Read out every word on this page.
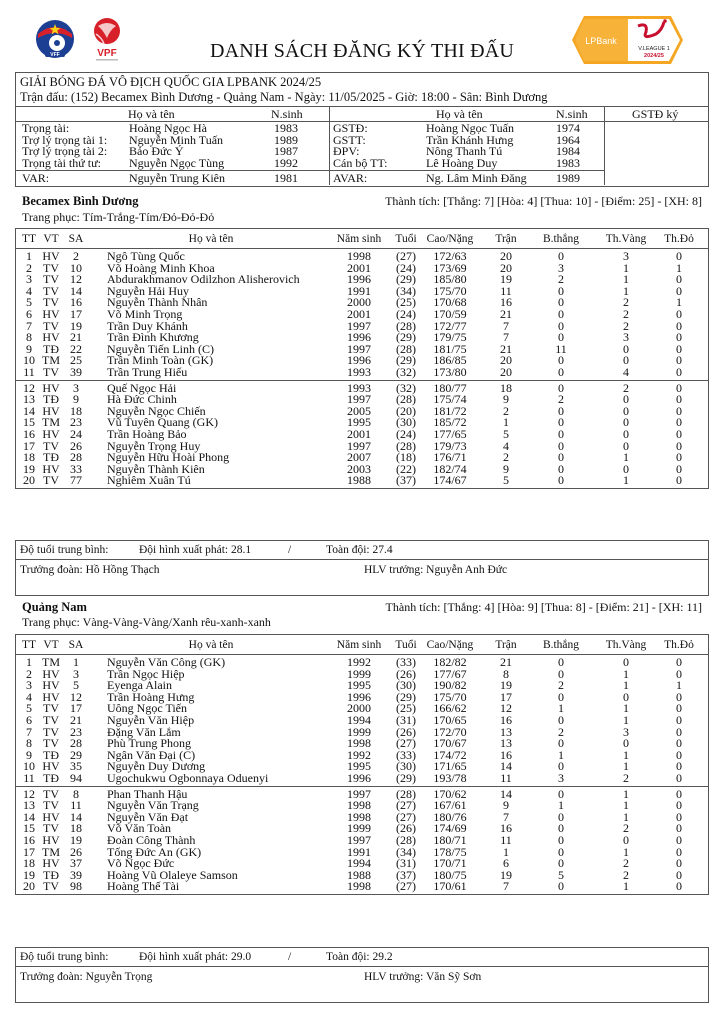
VFF	VPF
LPBank
V.LEAGUE 1
2024/25
DANH SÁCH ĐĂNG KÝ THI ĐẤU
GIẢI BÓNG ĐÁ VÔ ĐỊCH QUỐC GIA LPBANK 2024/25
Trận đấu: (152) Becamex Bình Dương - Quảng Nam - Ngày: 11/05/2025 - Giờ: 18:00 - Sân: Bình Dương
Họ và tên	N.sinh	Họ và tên	N.sinh	GSTĐ ký
Trọng tài:	Hoàng Ngọc Hà	1983
Trợ lý trọng tài 1: Nguyễn Minh Tuấn	1989
Trợ lý trọng tài 2: Bảo Đức Ý	1987
Trọng tài thứ tư: Nguyễn Ngọc Tùng	1992
VAR:	Nguyễn Trung Kiên	1981
GSTĐ:	Hoàng Ngọc Tuấn	1974
GSTT:	Trần Khánh Hưng	1964
ĐPV:	Nông Thanh Tú	1984
Cán bộ TT:	Lê Hoàng Duy	1983
AVAR:	Ng. Lâm Minh Đăng 1989
Becamex Bình Dương	Thành tích: [Thắng: 7] [Hòa: 4] [Thua: 10] - [Điểm: 25] - [XH: 8]
Trang phục: Tím-Trắng-Tím/Đỏ-Đỏ-Đỏ
TT VT SA	Họ và tên	Năm sinh	Tuổi Cao/Nặng	Trận	B.thắng	Th.Vàng	Th.Đỏ
1 HV	2	Ngô Tùng Quốc	1998	(27)	172/63	20	0	3	0
2 TV 10	Võ Hoàng Minh Khoa	2001	(24)	173/69	20	3	1	1
3 TV 12	Abdurakhmanov Odilzhon Alisherovich	1996	(29)	185/80	19	2	1	0
4 TV 14	Nguyễn Hải Huy	1991	(34)	175/70	11	0	1	0
5 TV 16	Nguyễn Thành Nhân	2000	(25)	170/68	16	0	2	1
6 HV 17	Võ Minh Trọng	2001	(24)	170/59	21	0	2	0
7 TV 19	Trần Duy Khánh	1997	(28)	172/77	7	0	2	0
8 HV 21	Trần Đình Khương	1996	(29)	179/75	7	0	3	0
9 TĐ 22	Nguyễn Tiến Linh (C)	1997	(28)	181/75	21	11	0	0
10 TM 25	Trần Minh Toàn (GK)	1996	(29)	186/85	20	0	0	0
11 TV 39	Trần Trung Hiếu	1993	(32)	173/80	20	0	4	0
12 HV	3	Quế Ngọc Hải	1993	(32)	180/77	18	0	2	0
13 TĐ	9	Hà Đức Chinh	1997	(28)	175/74	9	2	0	0
14 HV 18	Nguyễn Ngọc Chiến	2005	(20)	181/72	2	0	0	0
15 TM 23	Vũ Tuyên Quang (GK)	1995	(30)	185/72	1	0	0	0
16 HV 24	Trần Hoàng Bảo	2001	(24)	177/65	5	0	0	0
17 TV 26	Nguyễn Trọng Huy	1997	(28)	179/73	4	0	0	0
18 TĐ 28	Nguyễn Hữu Hoài Phong	2007	(18)	176/71	2	0	1	0
19 HV 33	Nguyễn Thành Kiên	2003	(22)	182/74	9	0	0	0
20 TV 77	Nghiêm Xuân Tú	1988	(37)	174/67	5	0	1	0
Độ tuổi trung bình:	Đội hình xuất phát: 28.1	/	Toàn đội: 27.4
Trưởng đoàn: Hồ Hồng Thạch	HLV trưởng: Nguyễn Anh Đức
Quảng Nam	Thành tích: [Thắng: 4] [Hòa: 9] [Thua: 8] - [Điểm: 21] - [XH: 11]
Trang phục: Vàng-Vàng-Vàng/Xanh rêu-xanh-xanh
TT VT SA	Họ và tên	Năm sinh	Tuổi Cao/Nặng	Trận	B.thắng	Th.Vàng	Th.Đỏ
1 TM	1	Nguyễn Văn Công (GK)	1992	(33)	182/82	21	0	0	0
2 HV	3	Trần Ngọc Hiệp	1999	(26)	177/67	8	0	1	0
3 HV	5	Eyenga Alain	1995	(30)	190/82	19	2	1	1
4 HV 12	Trần Hoàng Hưng	1996	(29)	175/70	17	0	0	0
5 TV 17	Uông Ngọc Tiến	2000	(25)	166/62	12	1	1	0
6 TV 21	Nguyễn Văn Hiệp	1994	(31)	170/65	16	0	1	0
7 TV 23	Đặng Văn Lắm	1999	(26)	172/70	13	2	3	0
8 TV 28	Phù Trung Phong	1998	(27)	170/67	13	0	0	0
9 TĐ 29	Ngân Văn Đại (C)	1992	(33)	174/72	16	1	1	0
10 HV 35	Nguyễn Duy Dương	1995	(30)	171/65	14	0	1	0
11 TĐ 94	Ugochukwu Ogbonnaya Oduenyi	1996	(29)	193/78	11	3	2	0
12 TV	8	Phan Thanh Hậu	1997	(28)	170/62	14	0	1	0
13 TV 11	Nguyễn Văn Trạng	1998	(27)	167/61	9	1	1	0
14 HV 14	Nguyễn Văn Đạt	1998	(27)	180/76	7	0	1	0
15 TV 18	Võ Văn Toàn	1999	(26)	174/69	16	0	2	0
16 HV 19	Đoàn Công Thành	1997	(28)	180/71	11	0	0	0
17 TM 26	Tống Đức An (GK)	1991	(34)	178/75	1	0	1	0
18 HV 37	Võ Ngọc Đức	1994	(31)	170/71	6	0	2	0
19 TĐ 39	Hoàng Vũ Olaleye Samson	1988	(37)	180/75	19	5	2	0
20 TV 98	Hoàng Thế Tài	1998	(27)	170/61	7	0	1	0
Độ tuổi trung bình:	Đội hình xuất phát: 29.0	/	Toàn đội: 29.2
Trưởng đoàn: Nguyễn Trọng	HLV trưởng: Văn Sỹ Sơn
